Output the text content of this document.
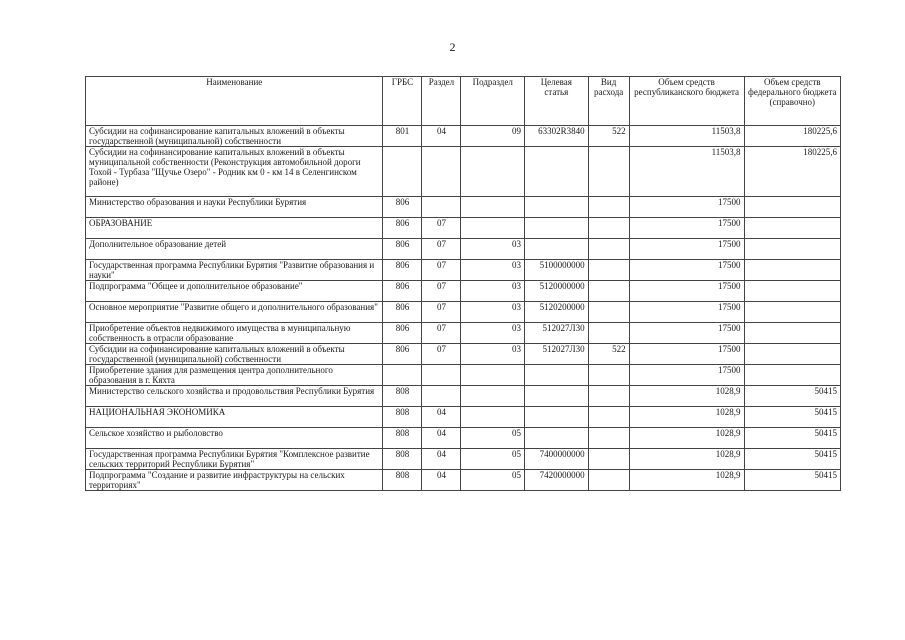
2
Наименование	ГРБС	Раздел	Подраздел	Целевая статья	Вид расхода	Объем средств республиканского бюджета	Объем средств федерального бюджета (справочно)
Субсидии на софинансирование капитальных вложений в объекты государственной (муниципальной) собственности	801	04	09	63302R3840	522	11503,8	180225,6
Субсидии на софинансирование капитальных вложений в объекты муниципальной собственности (Реконструкция автомобильной дороги Тохой - Турбаза "Щучье Озеро" - Родник км 0 - км 14 в Селенгинском районе)						11503,8	180225,6
Министерство образования и науки Республики Бурятия	806					17500	
ОБРАЗОВАНИЕ	806	07				17500	
Дополнительное образование детей	806	07	03			17500	
Государственная программа Республики Бурятия "Развитие образования и науки"	806	07	03	5100000000		17500	
Подпрограмма "Общее и дополнительное образование"	806	07	03	5120000000		17500	
Основное мероприятие "Развитие общего и дополнительного образования"	806	07	03	5120200000		17500	
Приобретение объектов недвижимого имущества в муниципальную собственность в отрасли образование	806	07	03	512027Л30		17500	
Субсидии на софинансирование капитальных вложений в объекты государственной (муниципальной) собственности	806	07	03	512027Л30	522	17500	
Приобретение здания для размещения центра дополнительного образования в г. Кяхта						17500	
Министерство сельского хозяйства и продовольствия Республики Бурятия	808					1028,9	50415
НАЦИОНАЛЬНАЯ ЭКОНОМИКА	808	04				1028,9	50415
Сельское хозяйство и рыболовство	808	04	05			1028,9	50415
Государственная программа Республики Бурятия "Комплексное развитие сельских территорий Республики Бурятия"	808	04	05	7400000000		1028,9	50415
Подпрограмма "Создание и развитие инфраструктуры на сельских территориях"	808	04	05	7420000000		1028,9	50415
